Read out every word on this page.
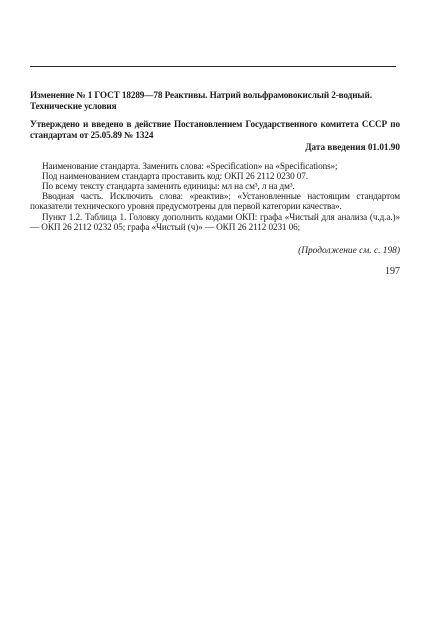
Изменение № 1 ГОСТ 18289—78 Реактивы. Натрий вольфрамовокислый 2-водный.
Технические условия

Утверждено и введено в действие Постановлением Государственного комитета СССР по стандартам от 25.05.89 № 1324

Дата введения 01.01.90

Наименование стандарта. Заменить слова: «Specification» на «Specifications»;

Под наименованием стандарта проставить код: ОКП 26 2112 0230 07.

По всему тексту стандарта заменить единицы: мл на см³, л на дм³.

Вводная часть. Исключить слова: «реактив»; «Установленные настоящим стандартом показатели технического уровня предусмотрены для первой категории качества».

Пункт 1.2. Таблица 1. Головку дополнить кодами ОКП: графа «Чистый для анализа (ч.д.а.)» — ОКП 26 2112 0232 05; графа «Чистый (ч)» — ОКП 26 2112 0231 06;

(Продолжение см. с. 198)

197
